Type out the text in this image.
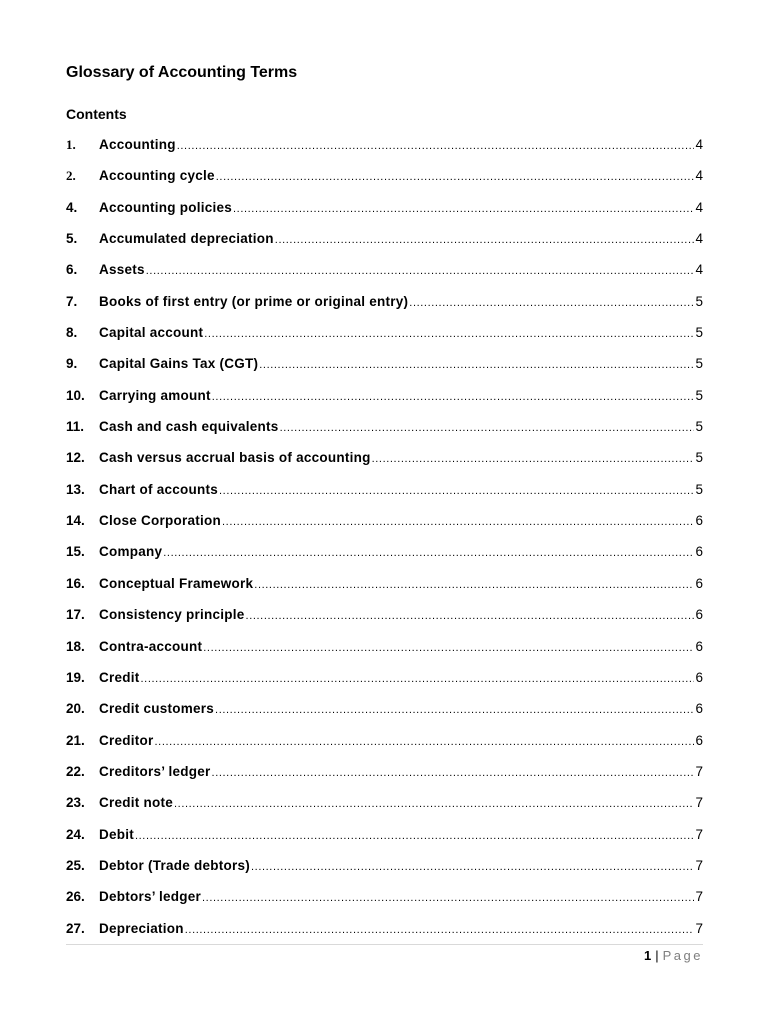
Glossary of Accounting Terms
Contents
1.	Accounting .....	4
2.	Accounting cycle .....	4
4.	Accounting policies .....	4
5.	Accumulated depreciation .....	4
6.	Assets .....	4
7.	Books of first entry (or prime or original entry) .....	5
8.	Capital account .....	5
9.	Capital Gains Tax (CGT) .....	5
10.	Carrying amount .....	5
11.	Cash and cash equivalents .....	5
12.	Cash versus accrual basis of accounting .....	5
13.	Chart of accounts .....	5
14.	Close Corporation .....	6
15.	Company .....	6
16.	Conceptual Framework .....	6
17.	Consistency principle .....	6
18.	Contra-account .....	6
19.	Credit .....	6
20.	Credit customers .....	6
21.	Creditor .....	6
22.	Creditors’ ledger .....	7
23.	Credit note .....	7
24.	Debit .....	7
25.	Debtor (Trade debtors) .....	7
26.	Debtors’ ledger .....	7
27.	Depreciation .....	7
1 | Page
